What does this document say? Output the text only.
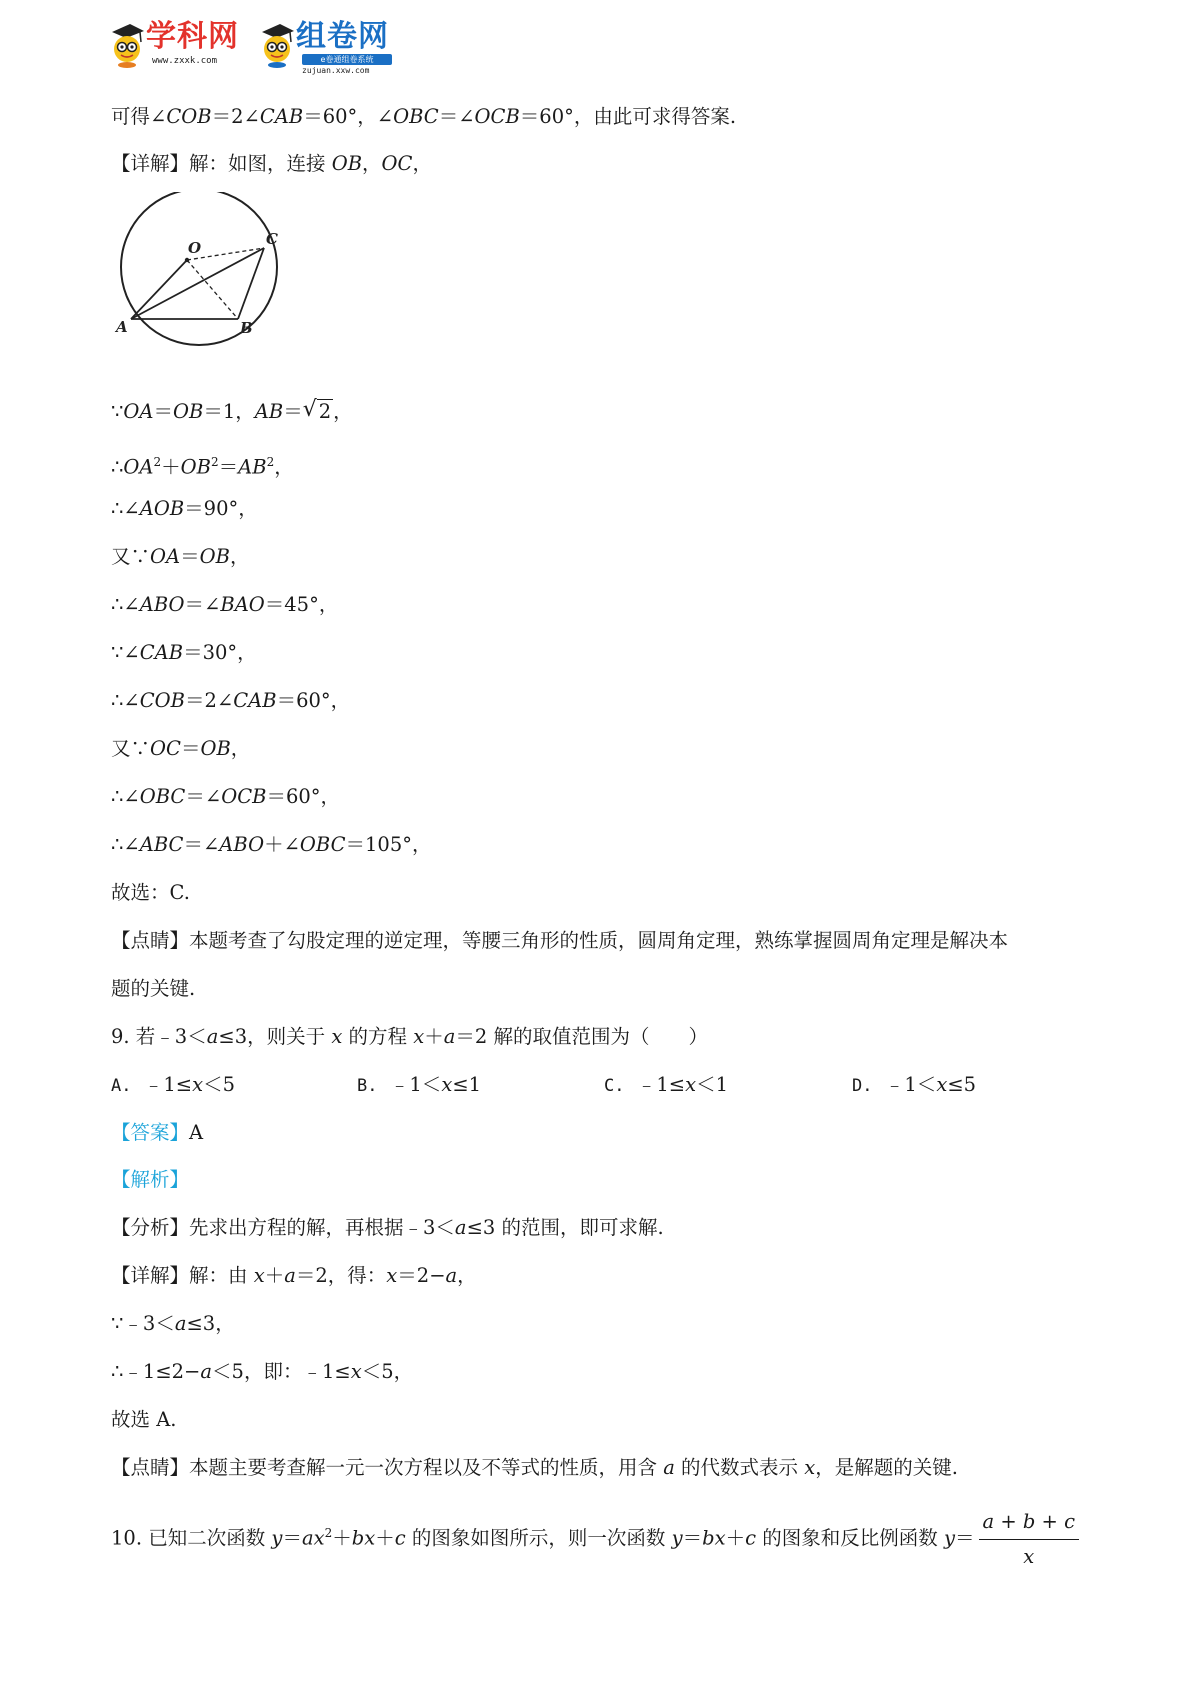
学科网
www.zxxk.com
组卷网
e卷通组卷系统
zujuan.xxw.com
可得∠COB＝2∠CAB＝60°，∠OBC＝∠OCB＝60°，由此可求得答案.
【详解】解：如图，连接 OB，OC，
O	C
A	B
∵OA＝OB＝1，AB＝ √ 2 ，
$\therefore OA^2+OB^2=AB^2$，
∴∠AOB＝90°，
又∵OA＝OB，
∴∠ABO＝∠BAO＝45°，
∵∠CAB＝30°，
∴∠COB＝2∠CAB＝60°，
又∵OC＝OB，
∴∠OBC＝∠OCB＝60°，
∴∠ABC＝∠ABO＋∠OBC＝105°，
故选：C.
【点睛】本题考查了勾股定理的逆定理，等腰三角形的性质，圆周角定理，熟练掌握圆周角定理是解决本
题的关键.
9. 若﹣3＜a≤3，则关于 x 的方程 x＋a＝2 解的取值范围为（　　）
A. ﹣1≤x＜5	B. ﹣1＜x≤1	C. ﹣1≤x＜1	D. ﹣1＜x≤5
【答案】A
【解析】
【分析】先求出方程的解，再根据﹣3＜a≤3 的范围，即可求解.
【详解】解：由 x＋a＝2，得：x＝2−a，
∵﹣3＜a≤3，
∴﹣1≤2−a＜5，即：﹣1≤x＜5，
故选 A.
【点睛】本题主要考查解一元一次方程以及不等式的性质，用含 a 的代数式表示 x，是解题的关键.
10. 已知二次函数 $y=ax^2+bx+c$ 的图象如图所示，则一次函数 y＝bx＋c 的图象和反比例函数 $y= \frac{a + b + c}{x}$
